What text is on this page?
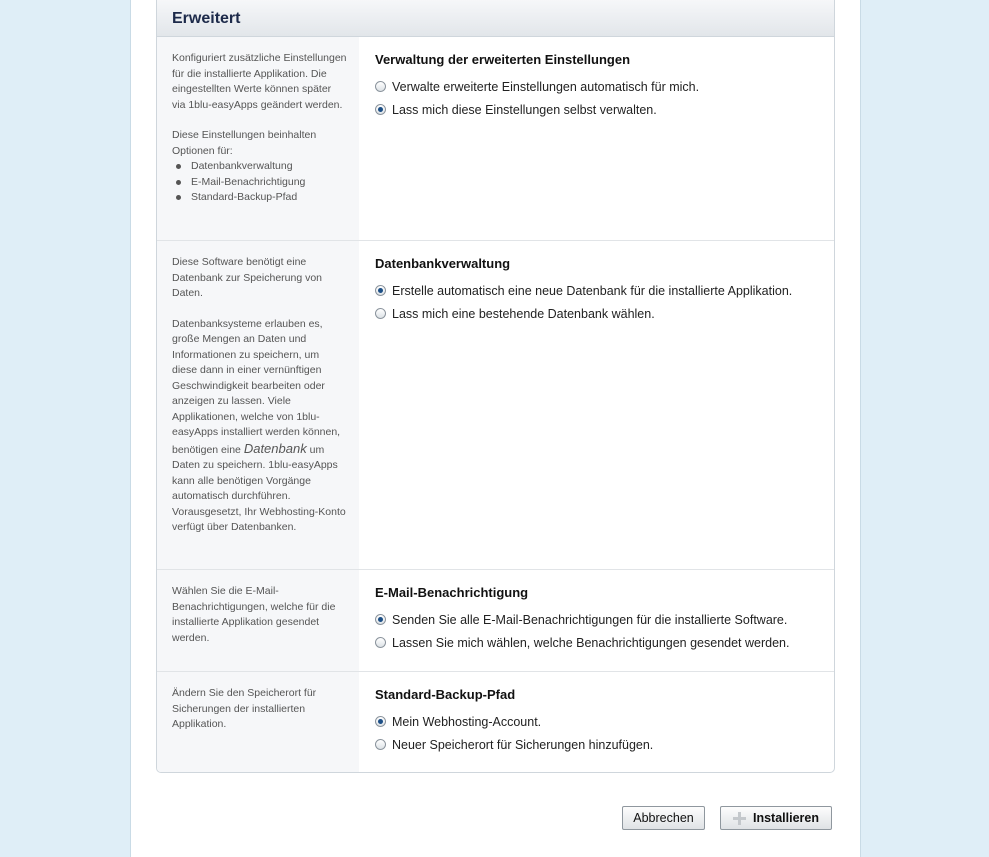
Erweitert

Konfiguriert zusätzliche Einstellungen für die installierte Applikation. Die eingestellten Werte können später via 1blu-easyApps geändert werden.

Diese Einstellungen beinhalten Optionen für:

Datenbankverwaltung
E-Mail-Benachrichtigung
Standard-Backup-Pfad
Verwaltung der erweiterten Einstellungen
Verwalte erweiterte Einstellungen automatisch für mich.
Lass mich diese Einstellungen selbst verwalten.

Diese Software benötigt eine Datenbank zur Speicherung von Daten.

Datenbanksysteme erlauben es, große Mengen an Daten und Informationen zu speichern, um diese dann in einer vernünftigen Geschwindigkeit bearbeiten oder anzeigen zu lassen. Viele Applikationen, welche von 1blu-easyApps installiert werden können, benötigen eine Datenbank um Daten zu speichern. 1blu-easyApps kann alle benötigen Vorgänge automatisch durchführen. Vorausgesetzt, Ihr Webhosting-Konto verfügt über Datenbanken.

Datenbankverwaltung
Erstelle automatisch eine neue Datenbank für die installierte Applikation.
Lass mich eine bestehende Datenbank wählen.

Wählen Sie die E-Mail-Benachrichtigungen, welche für die installierte Applikation gesendet werden.

E-Mail-Benachrichtigung
Senden Sie alle E-Mail-Benachrichtigungen für die installierte Software.
Lassen Sie mich wählen, welche Benachrichtigungen gesendet werden.

Ändern Sie den Speicherort für Sicherungen der installierten Applikation.

Standard-Backup-Pfad
Mein Webhosting-Account.
Neuer Speicherort für Sicherungen hinzufügen.
Abbrechen	Installieren
